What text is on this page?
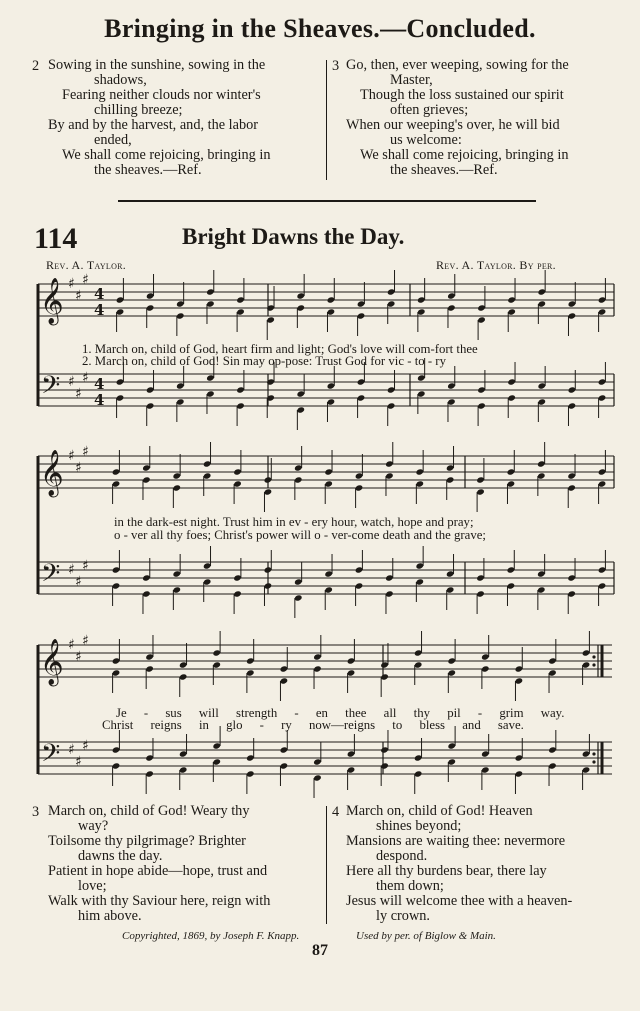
Bringing in the Sheaves.—Concluded.
2 Sowing in the sunshine, sowing in the
shadows,
Fearing neither clouds nor winter's
chilling breeze;
By and by the harvest, and, the labor
ended,
We shall come rejoicing, bringing in
the sheaves.—Ref.
3 Go, then, ever weeping, sowing for the
Master,
Though the loss sustained our spirit
often grieves;
When our weeping's over, he will bid
us welcome:
We shall come rejoicing, bringing in
the sheaves.—Ref.
114	Bright Dawns the Day.
Rev. A. Taylor.	Rev. A. Taylor. By per.
𝄞
𝄢
♯
♯
♯
♯
♯
♯
4
4
4
4
𝄞
𝄢
♯
♯
♯
♯
♯
♯
𝄞
𝄢
♯
♯
♯
♯
♯
♯
1. March on, child of God, heart firm and light; God's love will com-fort thee
2. March on, child of God! Sin may op-pose: Trust God for vic - to - ry
in the dark-est night. Trust him in ev - ery hour, watch, hope and pray;
o - ver all thy foes; Christ's power will o - ver-come death and the grave;
Je - sus will strength - en thee all thy pil - grim way.
Christ reigns in glo - ry now—reigns to bless and save.
3 March on, child of God! Weary thy
way?
Toilsome thy pilgrimage? Brighter
dawns the day.
Patient in hope abide—hope, trust and
love;
Walk with thy Saviour here, reign with
him above.
4 March on, child of God! Heaven
shines beyond;
Mansions are waiting thee: nevermore
despond.
Here all thy burdens bear, there lay
them down;
Jesus will welcome thee with a heaven-
ly crown.
Copyrighted, 1869, by Joseph F. Knapp.	Used by per. of Biglow & Main.
87
